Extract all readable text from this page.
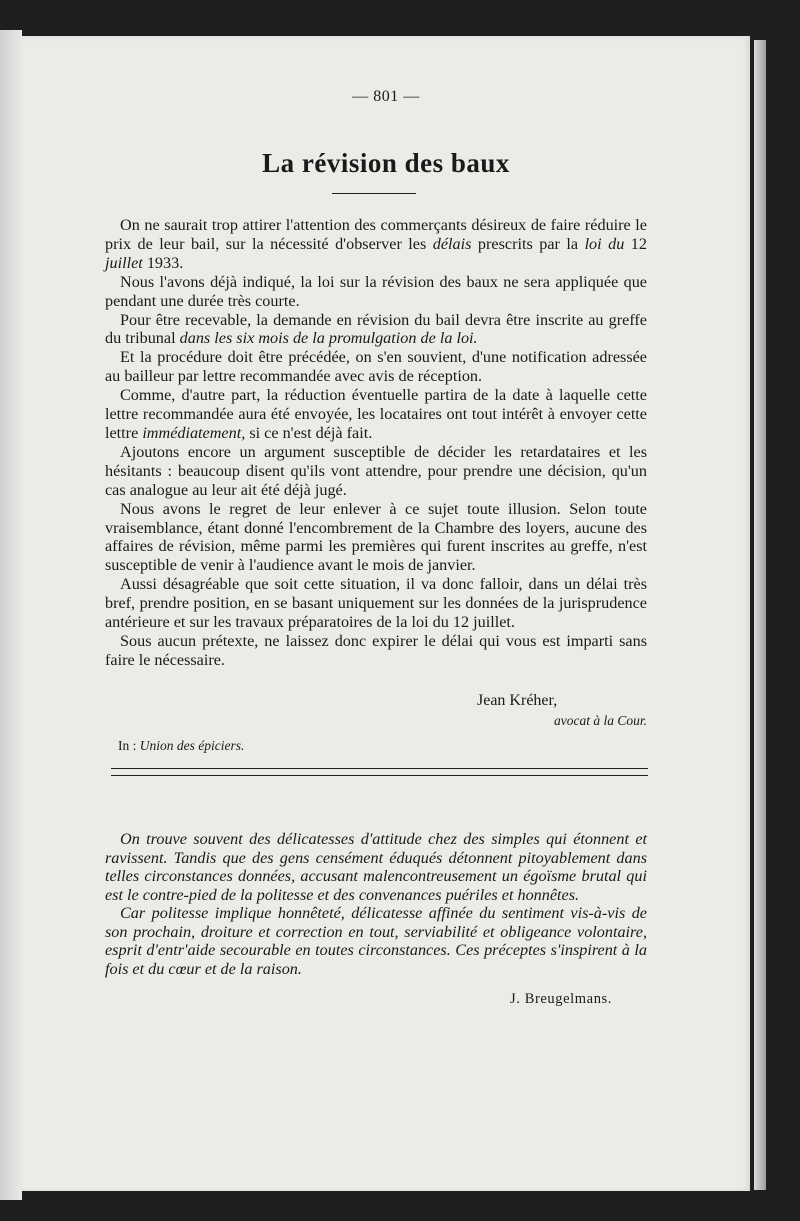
— 801 —
La révision des baux

On ne saurait trop attirer l'attention des commerçants désireux de faire réduire le prix de leur bail, sur la nécessité d'observer les délais prescrits par la loi du 12 juillet 1933.

Nous l'avons déjà indiqué, la loi sur la révision des baux ne sera appliquée que pendant une durée très courte.

Pour être recevable, la demande en révision du bail devra être inscrite au greffe du tribunal dans les six mois de la promulgation de la loi.

Et la procédure doit être précédée, on s'en souvient, d'une notification adressée au bailleur par lettre recommandée avec avis de réception.

Comme, d'autre part, la réduction éventuelle partira de la date à laquelle cette lettre recommandée aura été envoyée, les locataires ont tout intérêt à envoyer cette lettre immédiatement, si ce n'est déjà fait.

Ajoutons encore un argument susceptible de décider les retardataires et les hésitants : beaucoup disent qu'ils vont attendre, pour prendre une décision, qu'un cas analogue au leur ait été déjà jugé.

Nous avons le regret de leur enlever à ce sujet toute illusion. Selon toute vraisemblance, étant donné l'encombrement de la Chambre des loyers, aucune des affaires de révision, même parmi les premières qui furent inscrites au greffe, n'est susceptible de venir à l'audience avant le mois de janvier.

Aussi désagréable que soit cette situation, il va donc falloir, dans un délai très bref, prendre position, en se basant uniquement sur les données de la jurisprudence antérieure et sur les travaux préparatoires de la loi du 12 juillet.

Sous aucun prétexte, ne laissez donc expirer le délai qui vous est imparti sans faire le nécessaire.

Jean Kréher,
avocat à la Cour.
In : Union des épiciers.

On trouve souvent des délicatesses d'attitude chez des simples qui étonnent et ravissent. Tandis que des gens censément éduqués détonnent pitoyablement dans telles circonstances données, accusant malencontreusement un égoïsme brutal qui est le contre-pied de la politesse et des convenances puériles et honnêtes.

Car politesse implique honnêteté, délicatesse affinée du sentiment vis-à-vis de son prochain, droiture et correction en tout, serviabilité et obligeance volontaire, esprit d'entr'aide secourable en toutes circonstances. Ces préceptes s'inspirent à la fois et du cœur et de la raison.

J. Breugelmans.
